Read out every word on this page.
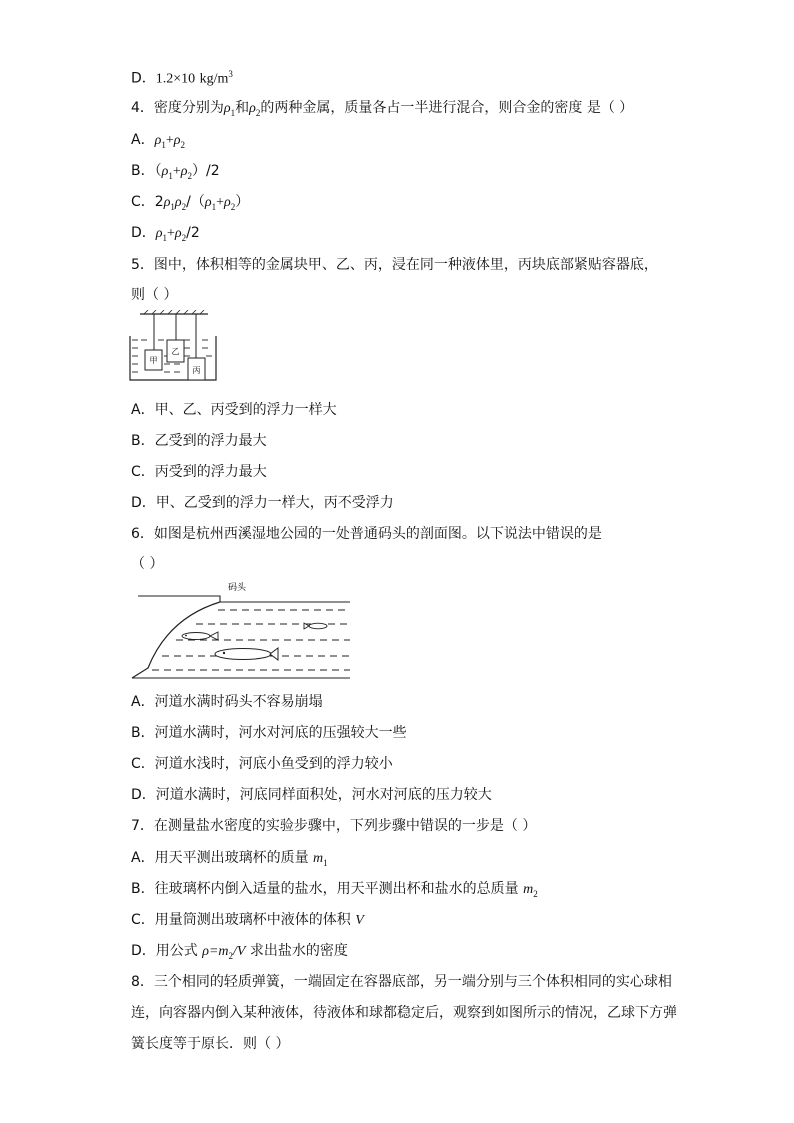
D．1.2×10 $kg/m^3$
4．密度分别为$\rho_1$和$\rho_2$的两种金属，质量各占一半进行混合，则合金的密度 是（ ）
A．$\rho_1+\rho_2$
B．$(\rho_1+\rho_2)/2$
C．$2\rho_1\rho_2/(\rho_1+\rho_2)$
D．$\rho_1+\rho_2/2$
5．图中，体积相等的金属块甲、乙、丙，浸在同一种液体里，丙块底部紧贴容器底，
则（ ）
甲
乙
丙
A．甲、乙、丙受到的浮力一样大
B．乙受到的浮力最大
C．丙受到的浮力最大
D．甲、乙受到的浮力一样大，丙不受浮力
6．如图是杭州西溪湿地公园的一处普通码头的剖面图。以下说法中错误的是
（ ）
码头
A．河道水满时码头不容易崩塌
B．河道水满时，河水对河底的压强较大一些
C．河道水浅时，河底小鱼受到的浮力较小
D．河道水满时，河底同样面积处，河水对河底的压力较大
7．在测量盐水密度的实验步骤中，下列步骤中错误的一步是（ ）
A．用天平测出玻璃杯的质量 $m_1$
B．往玻璃杯内倒入适量的盐水，用天平测出杯和盐水的总质量 $m_2$
C．用量筒测出玻璃杯中液体的体积 V
D．用公式 $\rho=m_2/V$ 求出盐水的密度
8．三个相同的轻质弹簧，一端固定在容器底部，另一端分别与三个体积相同的实心球相
连，向容器内倒入某种液体，待液体和球都稳定后，观察到如图所示的情况，乙球下方弹
簧长度等于原长．则（ ）
